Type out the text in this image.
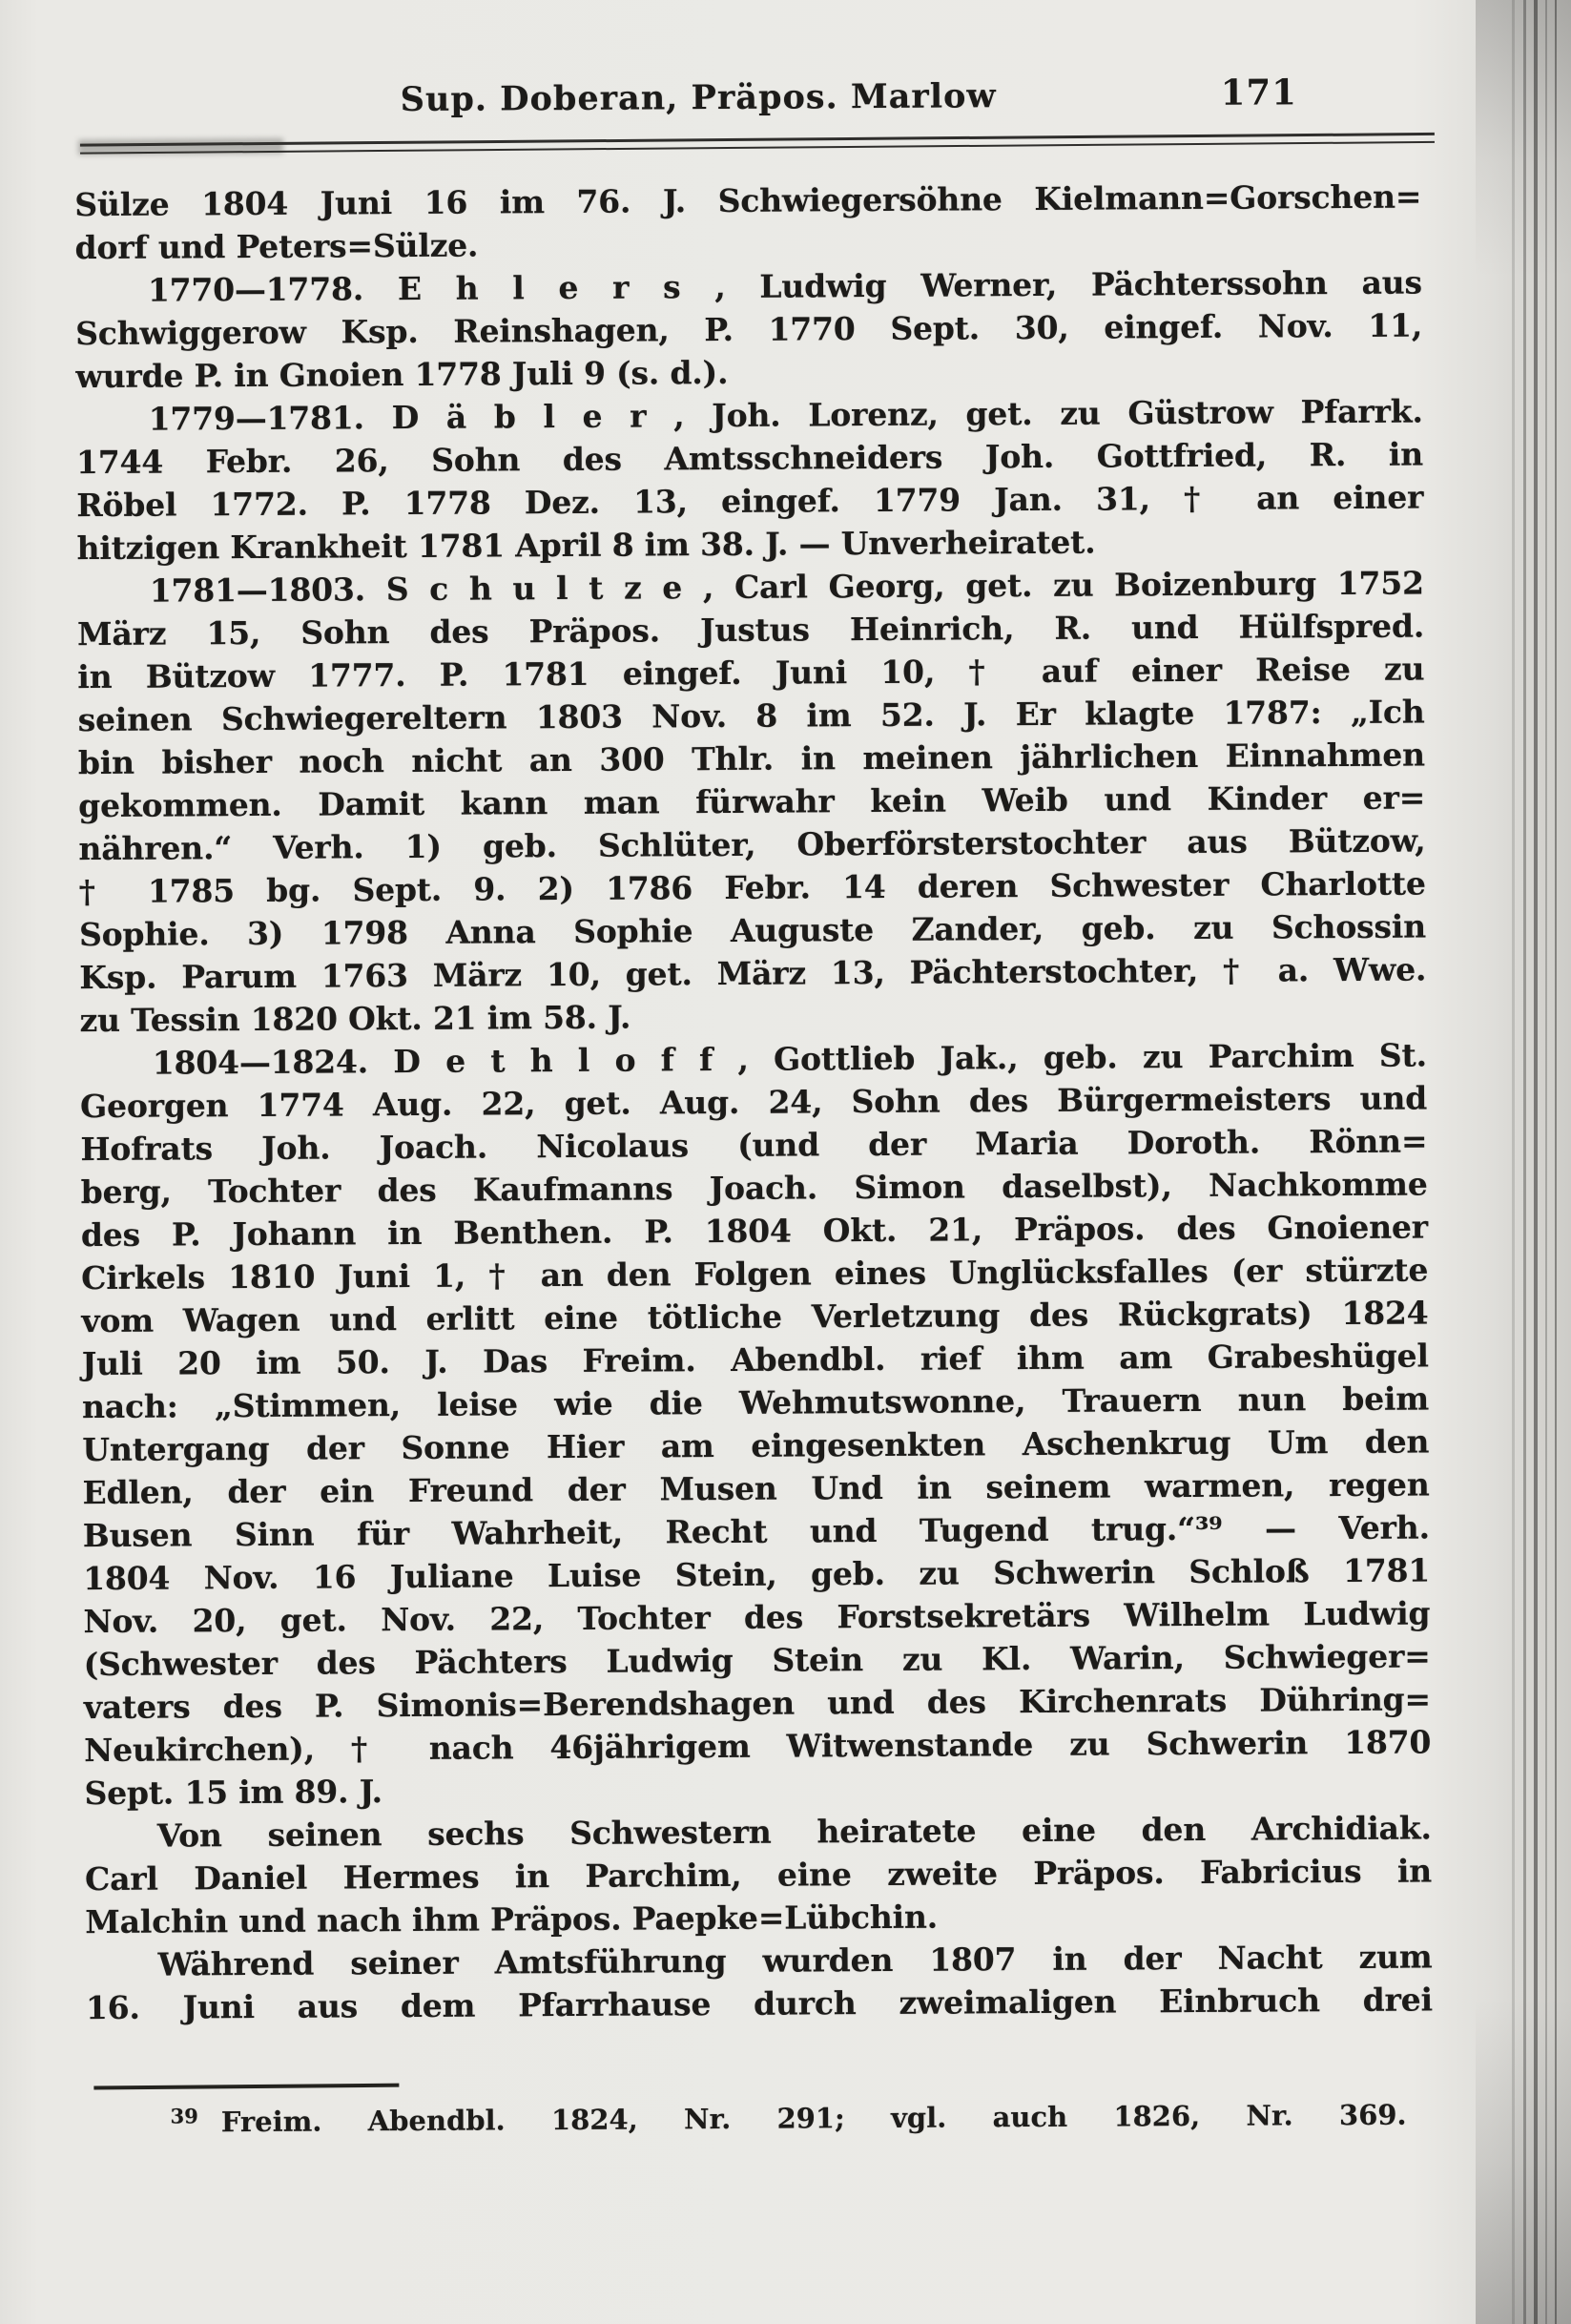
Sup. Doberan, Präpos. Marlow	171
Sülze 1804 Juni 16 im 76. J. Schwiegersöhne Kielmann=Gorschen=
dorf und Peters=Sülze.
1770—1778. E h l e r s , Ludwig Werner, Pächterssohn aus
Schwiggerow Ksp. Reinshagen, P. 1770 Sept. 30, eingef. Nov. 11,
wurde P. in Gnoien 1778 Juli 9 (s. d.).
1779—1781. D ä b l e r , Joh. Lorenz, get. zu Güstrow Pfarrk.
1744 Febr. 26, Sohn des Amtsschneiders Joh. Gottfried, R. in
Röbel 1772. P. 1778 Dez. 13, eingef. 1779 Jan. 31, † an einer
hitzigen Krankheit 1781 April 8 im 38. J. — Unverheiratet.
1781—1803. S c h u l t z e , Carl Georg, get. zu Boizenburg 1752
März 15, Sohn des Präpos. Justus Heinrich, R. und Hülfspred.
in Bützow 1777. P. 1781 eingef. Juni 10, † auf einer Reise zu
seinen Schwiegereltern 1803 Nov. 8 im 52. J. Er klagte 1787: „Ich
bin bisher noch nicht an 300 Thlr. in meinen jährlichen Einnahmen
gekommen. Damit kann man fürwahr kein Weib und Kinder er=
nähren.“ Verh. 1) geb. Schlüter, Oberförsterstochter aus Bützow,
† 1785 bg. Sept. 9. 2) 1786 Febr. 14 deren Schwester Charlotte
Sophie. 3) 1798 Anna Sophie Auguste Zander, geb. zu Schossin
Ksp. Parum 1763 März 10, get. März 13, Pächterstochter, † a. Wwe.
zu Tessin 1820 Okt. 21 im 58. J.
1804—1824. D e t h l o f f , Gottlieb Jak., geb. zu Parchim St.
Georgen 1774 Aug. 22, get. Aug. 24, Sohn des Bürgermeisters und
Hofrats Joh. Joach. Nicolaus (und der Maria Doroth. Rönn=
berg, Tochter des Kaufmanns Joach. Simon daselbst), Nachkomme
des P. Johann in Benthen. P. 1804 Okt. 21, Präpos. des Gnoiener
Cirkels 1810 Juni 1, † an den Folgen eines Unglücksfalles (er stürzte
vom Wagen und erlitt eine tötliche Verletzung des Rückgrats) 1824
Juli 20 im 50. J. Das Freim. Abendbl. rief ihm am Grabeshügel
nach: „Stimmen, leise wie die Wehmutswonne, Trauern nun beim
Untergang der Sonne Hier am eingesenkten Aschenkrug Um den
Edlen, der ein Freund der Musen Und in seinem warmen, regen
Busen Sinn für Wahrheit, Recht und Tugend trug.“³⁹ — Verh.
1804 Nov. 16 Juliane Luise Stein, geb. zu Schwerin Schloß 1781
Nov. 20, get. Nov. 22, Tochter des Forstsekretärs Wilhelm Ludwig
(Schwester des Pächters Ludwig Stein zu Kl. Warin, Schwieger=
vaters des P. Simonis=Berendshagen und des Kirchenrats Dühring=
Neukirchen), † nach 46jährigem Witwenstande zu Schwerin 1870
Sept. 15 im 89. J.
Von seinen sechs Schwestern heiratete eine den Archidiak.
Carl Daniel Hermes in Parchim, eine zweite Präpos. Fabricius in
Malchin und nach ihm Präpos. Paepke=Lübchin.
Während seiner Amtsführung wurden 1807 in der Nacht zum
16. Juni aus dem Pfarrhause durch zweimaligen Einbruch drei
$^{39}$ Freim. Abendbl. 1824, Nr. 291; vgl. auch 1826, Nr. 369.
